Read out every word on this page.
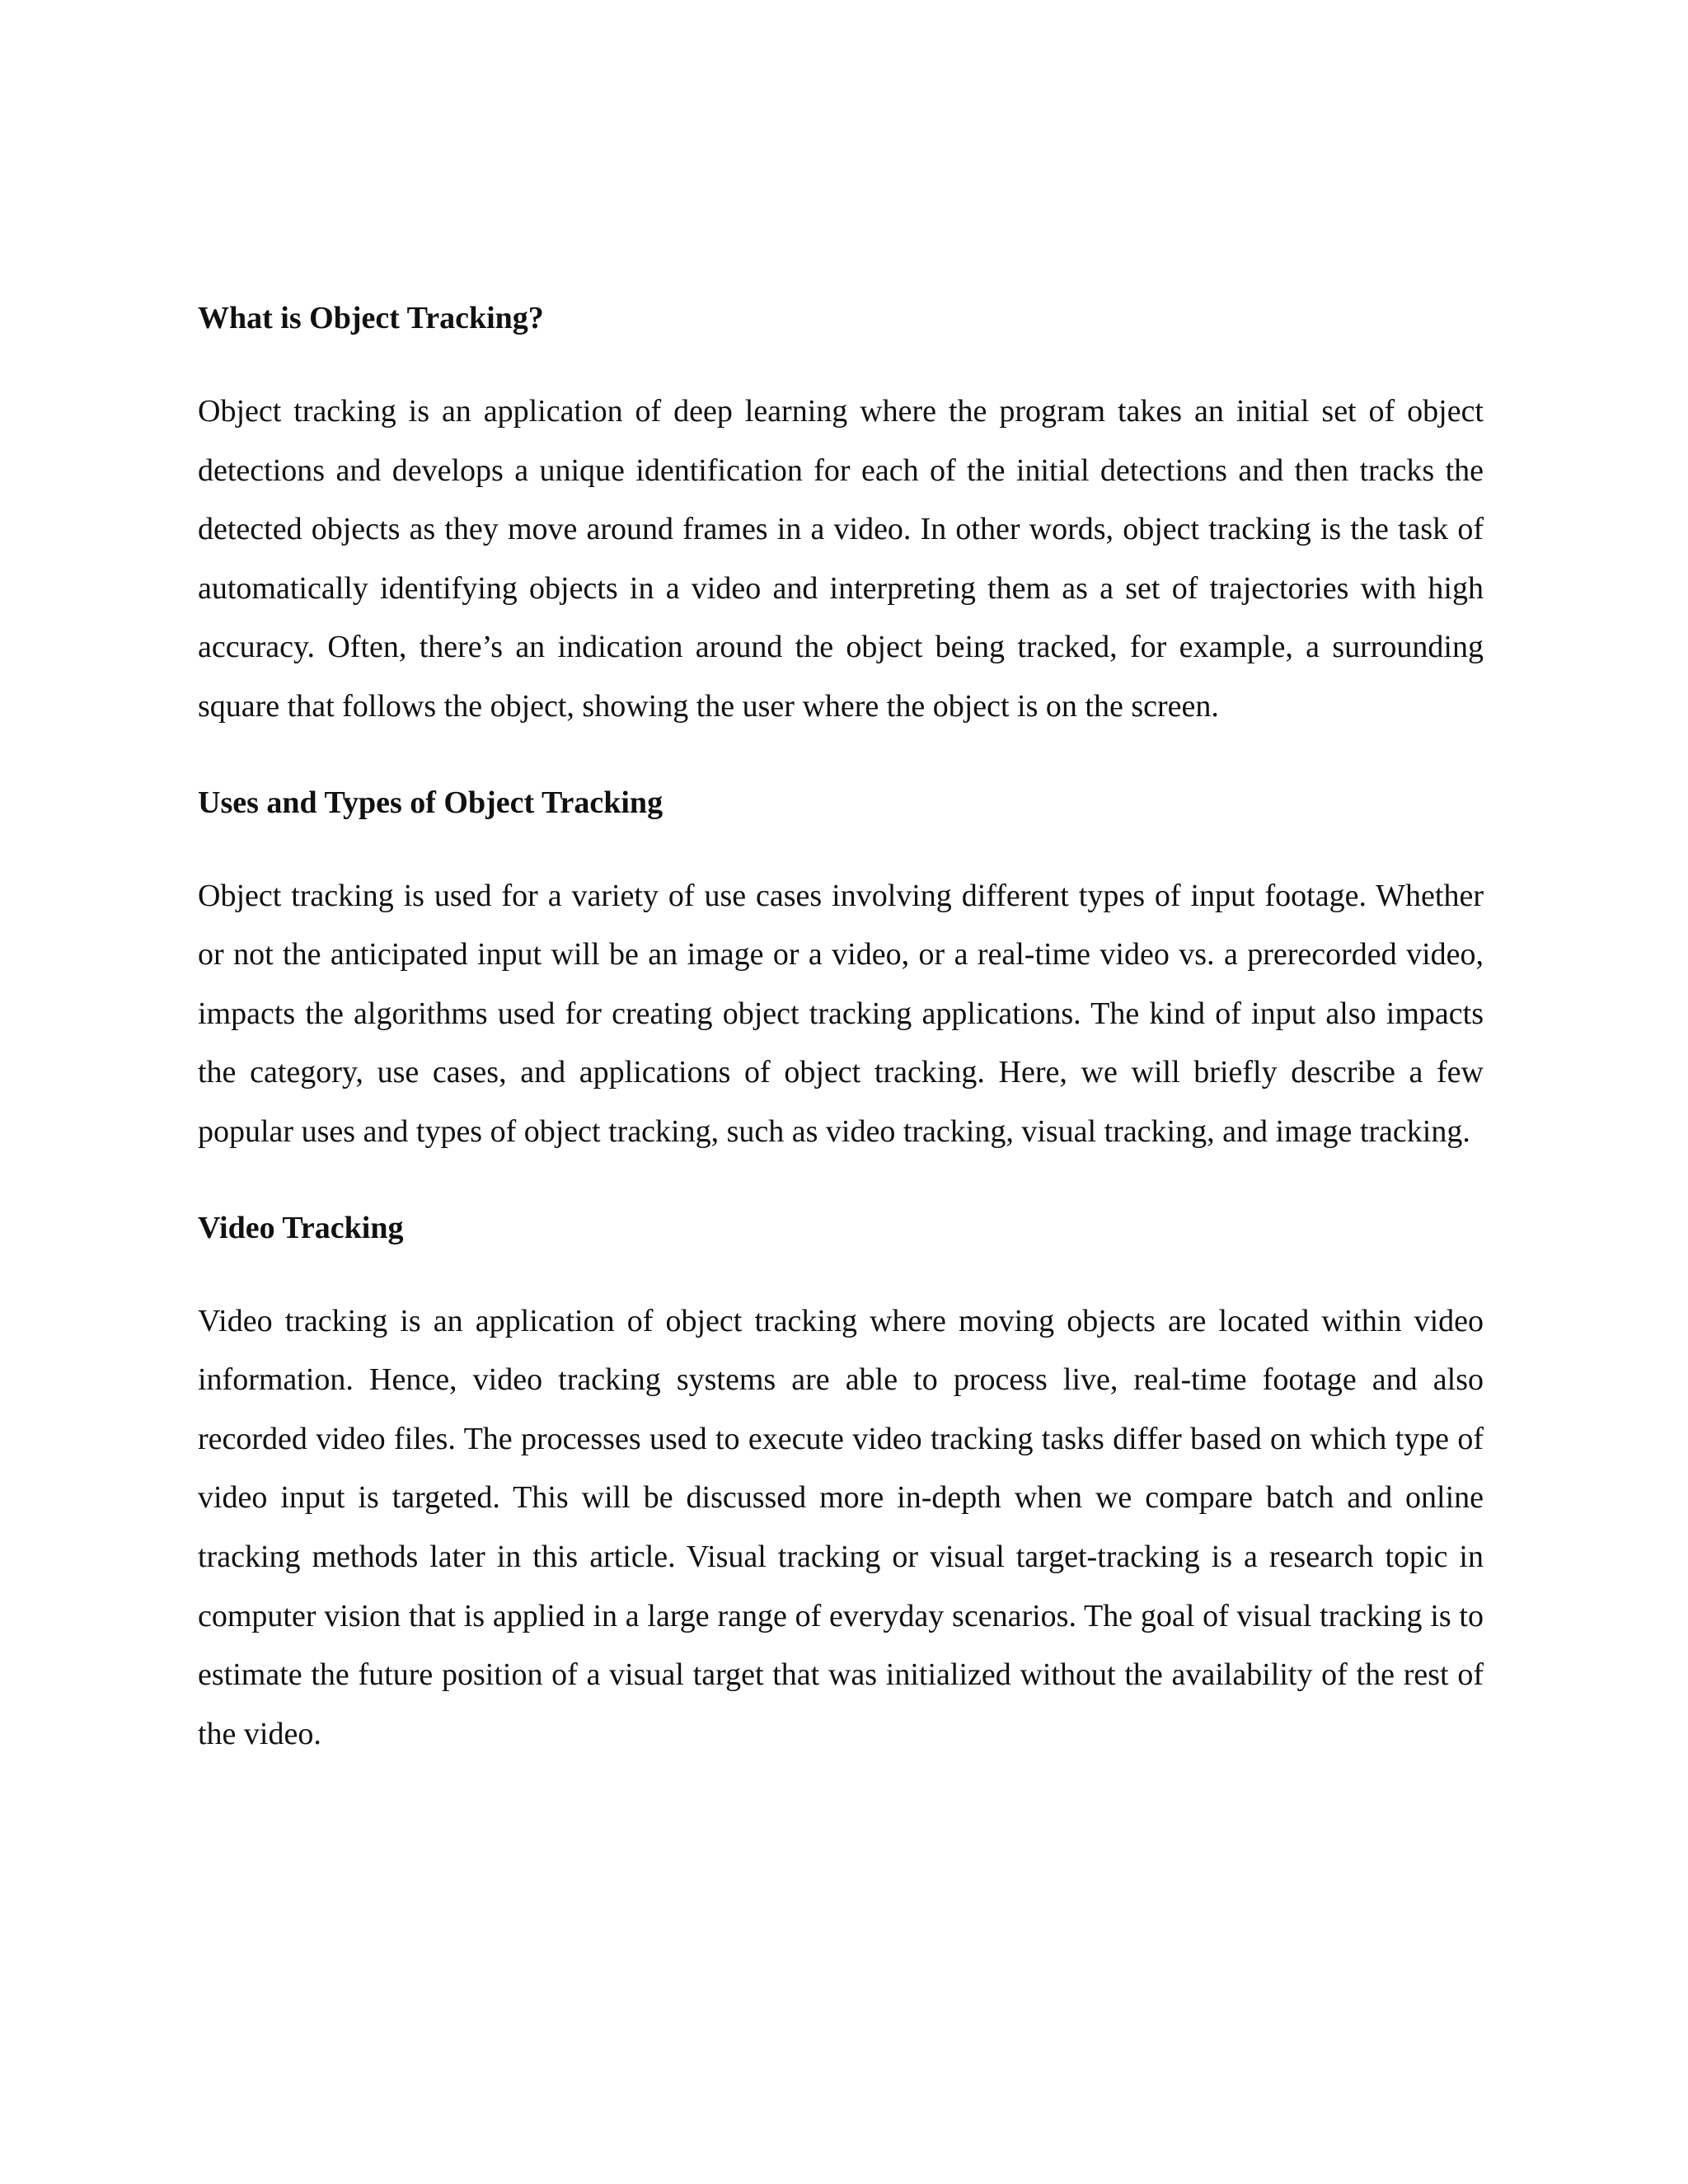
What is Object Tracking?

Object tracking is an application of deep learning where the program takes an initial set of object detections and develops a unique identification for each of the initial detections and then tracks the detected objects as they move around frames in a video. In other words, object tracking is the task of automatically identifying objects in a video and interpreting them as a set of trajectories with high accuracy. Often, there’s an indication around the object being tracked, for example, a surrounding square that follows the object, showing the user where the object is on the screen.

Uses and Types of Object Tracking

Object tracking is used for a variety of use cases involving different types of input footage. Whether or not the anticipated input will be an image or a video, or a real-time video vs. a prerecorded video, impacts the algorithms used for creating object tracking applications. The kind of input also impacts the category, use cases, and applications of object tracking. Here, we will briefly describe a few popular uses and types of object tracking, such as video tracking, visual tracking, and image tracking.

Video Tracking

Video tracking is an application of object tracking where moving objects are located within video information. Hence, video tracking systems are able to process live, real-time footage and also recorded video files. The processes used to execute video tracking tasks differ based on which type of video input is targeted. This will be discussed more in-depth when we compare batch and online tracking methods later in this article. Visual tracking or visual target-tracking is a research topic in computer vision that is applied in a large range of everyday scenarios. The goal of visual tracking is to estimate the future position of a visual target that was initialized without the availability of the rest of the video.
